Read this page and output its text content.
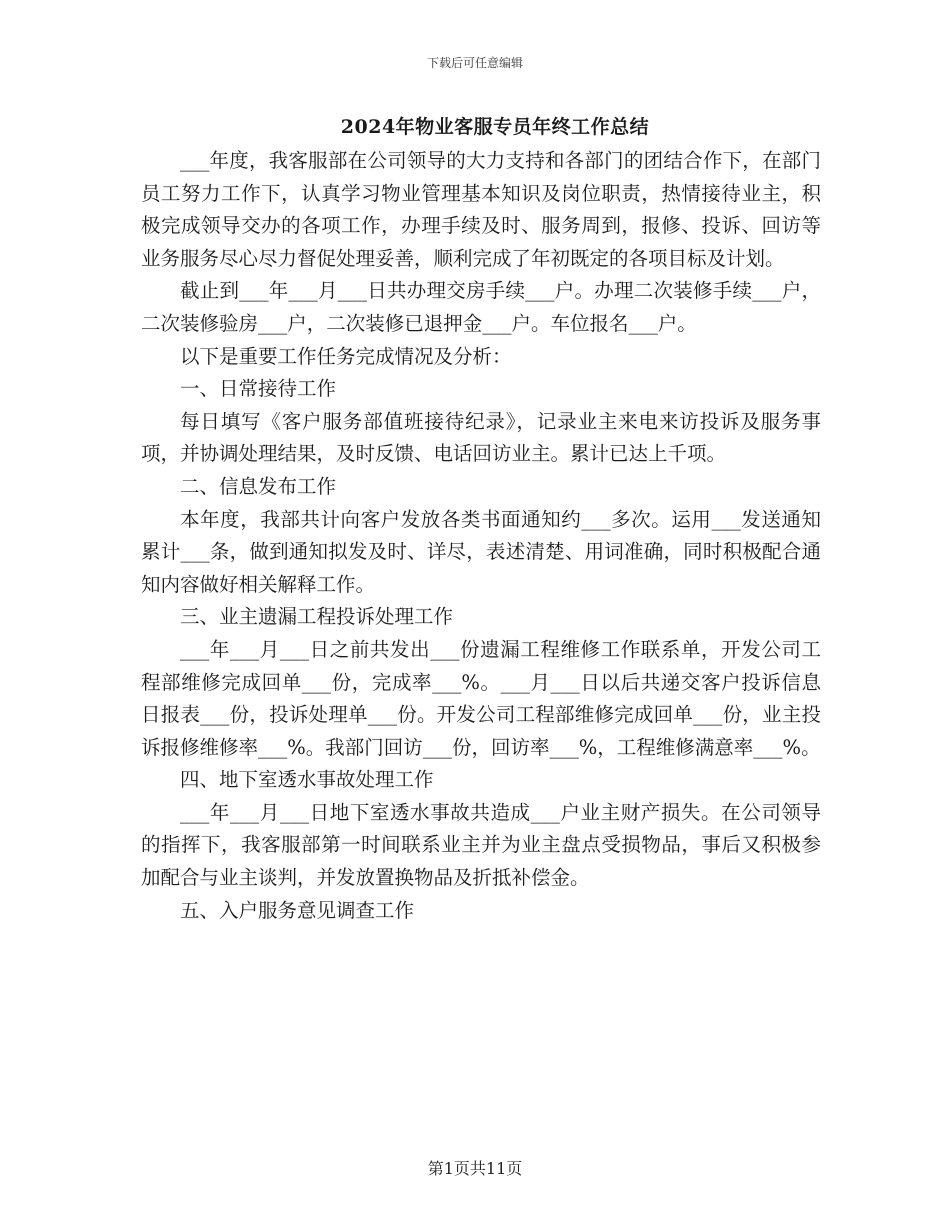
下载后可任意编辑
2024年物业客服专员年终工作总结

___年度，我客服部在公司领导的大力支持和各部门的团结合作下，在部门员工努力工作下，认真学习物业管理基本知识及岗位职责，热情接待业主，积极完成领导交办的各项工作，办理手续及时、服务周到，报修、投诉、回访等业务服务尽心尽力督促处理妥善，顺利完成了年初既定的各项目标及计划。

截止到___年___月___日共办理交房手续___户。办理二次装修手续___户，二次装修验房___户，二次装修已退押金___户。车位报名___户。

以下是重要工作任务完成情况及分析：

一、日常接待工作

每日填写《客户服务部值班接待纪录》，记录业主来电来访投诉及服务事项，并协调处理结果，及时反馈、电话回访业主。累计已达上千项。

二、信息发布工作

本年度，我部共计向客户发放各类书面通知约___多次。运用___发送通知累计___条，做到通知拟发及时、详尽，表述清楚、用词准确，同时积极配合通知内容做好相关解释工作。

三、业主遗漏工程投诉处理工作

___年___月___日之前共发出___份遗漏工程维修工作联系单，开发公司工程部维修完成回单___份，完成率___%。___月___日以后共递交客户投诉信息日报表___份，投诉处理单___份。开发公司工程部维修完成回单___份，业主投诉报修维修率___%。我部门回访___份，回访率___%，工程维修满意率___%。

四、地下室透水事故处理工作

___年___月___日地下室透水事故共造成___户业主财产损失。在公司领导的指挥下，我客服部第一时间联系业主并为业主盘点受损物品，事后又积极参加配合与业主谈判，并发放置换物品及折抵补偿金。

五、入户服务意见调查工作

第1页共11页
